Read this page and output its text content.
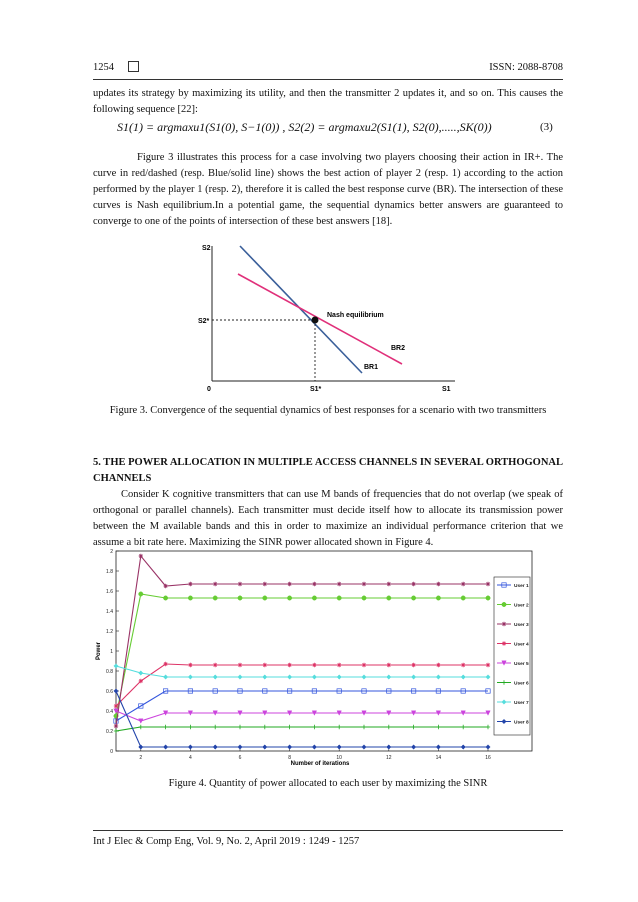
1254	ISSN: 2088-8708
updates its strategy by maximizing its utility, and then the transmitter 2 updates it, and so on. This causes the following sequence [22]:
S1(1) = argmaxu1(S1(0), S−1(0)) , S2(2) = argmaxu2(S1(1), S2(0),.....,SK(0))	(3)
Figure 3 illustrates this process for a case involving two players choosing their action in IR+. The curve in red/dashed (resp. Blue/solid line) shows the best action of player 2 (resp. 1) according to the action performed by the player 1 (resp. 2), therefore it is called the best response curve (BR). The intersection of these curves is Nash equilibrium.In a potential game, the sequential dynamics better answers are guaranteed to converge to one of the points of intersection of these best answers [18].
S2
S2*
0	S1*	S1
Nash equilibrium
BR2
BR1
Figure 3. Convergence of the sequential dynamics of best responses for a scenario with two transmitters
5. THE POWER ALLOCATION IN MULTIPLE ACCESS CHANNELS IN SEVERAL ORTHOGONAL CHANNELS
Consider K cognitive transmitters that can use M bands of frequencies that do not overlap (we speak of orthogonal or parallel channels). Each transmitter must decide itself how to allocate its transmission power between the M available bands and this in order to maximize an individual performance criterion that we assume a bit rate here. Maximizing the SINR power allocated shown in Figure 4.
0
0.2
0.4
0.6
0.8
1
1.2
1.4
1.6
1.8
2
2	4	6	8	10	12	14	16
User 1
User 2
User 3
User 4
User 5
User 6
User 7
User 8
Number of iterations
Power
Figure 4. Quantity of power allocated to each user by maximizing the SINR
Int J Elec & Comp Eng, Vol. 9, No. 2, April 2019 : 1249 - 1257
